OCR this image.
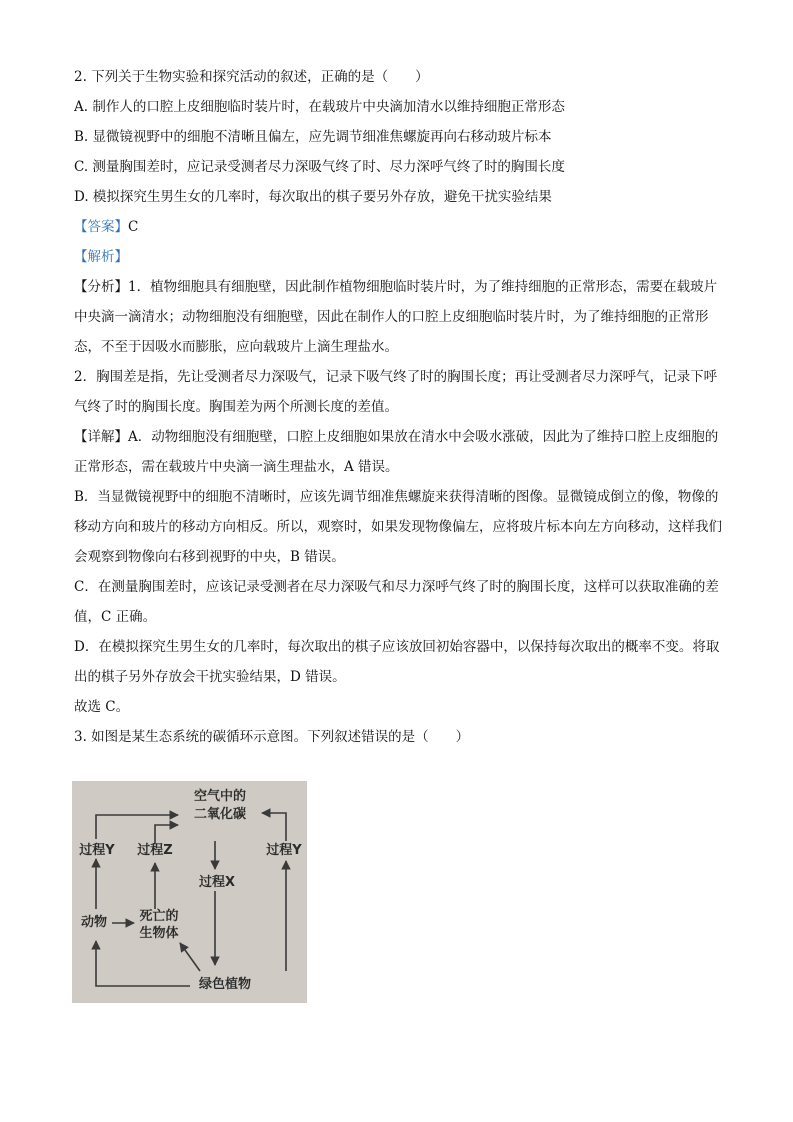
2. 下列关于生物实验和探究活动的叙述，正确的是（　　）
A. 制作人的口腔上皮细胞临时装片时，在载玻片中央滴加清水以维持细胞正常形态
B. 显微镜视野中的细胞不清晰且偏左，应先调节细准焦螺旋再向右移动玻片标本
C. 测量胸围差时，应记录受测者尽力深吸气终了时、尽力深呼气终了时的胸围长度
D. 模拟探究生男生女的几率时，每次取出的棋子要另外存放，避免干扰实验结果
【答案】C
【解析】
【分析】1．植物细胞具有细胞壁，因此制作植物细胞临时装片时，为了维持细胞的正常形态，需要在载玻片中央滴一滴清水；动物细胞没有细胞壁，因此在制作人的口腔上皮细胞临时装片时，为了维持细胞的正常形态，不至于因吸水而膨胀，应向载玻片上滴生理盐水。
2．胸围差是指，先让受测者尽力深吸气，记录下吸气终了时的胸围长度；再让受测者尽力深呼气，记录下呼气终了时的胸围长度。胸围差为两个所测长度的差值。
【详解】A．动物细胞没有细胞壁，口腔上皮细胞如果放在清水中会吸水涨破，因此为了维持口腔上皮细胞的正常形态，需在载玻片中央滴一滴生理盐水，A 错误。
B．当显微镜视野中的细胞不清晰时，应该先调节细准焦螺旋来获得清晰的图像。显微镜成倒立的像，物像的移动方向和玻片的移动方向相反。所以，观察时，如果发现物像偏左，应将玻片标本向左方向移动，这样我们会观察到物像向右移到视野的中央，B 错误。
C．在测量胸围差时，应该记录受测者在尽力深吸气和尽力深呼气终了时的胸围长度，这样可以获取准确的差值，C 正确。
D．在模拟探究生男生女的几率时，每次取出的棋子应该放回初始容器中，以保持每次取出的概率不变。将取出的棋子另外存放会干扰实验结果，D 错误。
故选 C。
3. 如图是某生态系统的碳循环示意图。下列叙述错误的是（　　）
空气中的
二氧化碳
过程Y	过程Z	过程Y
过程X
动物	死亡的
生物体
绿色植物
